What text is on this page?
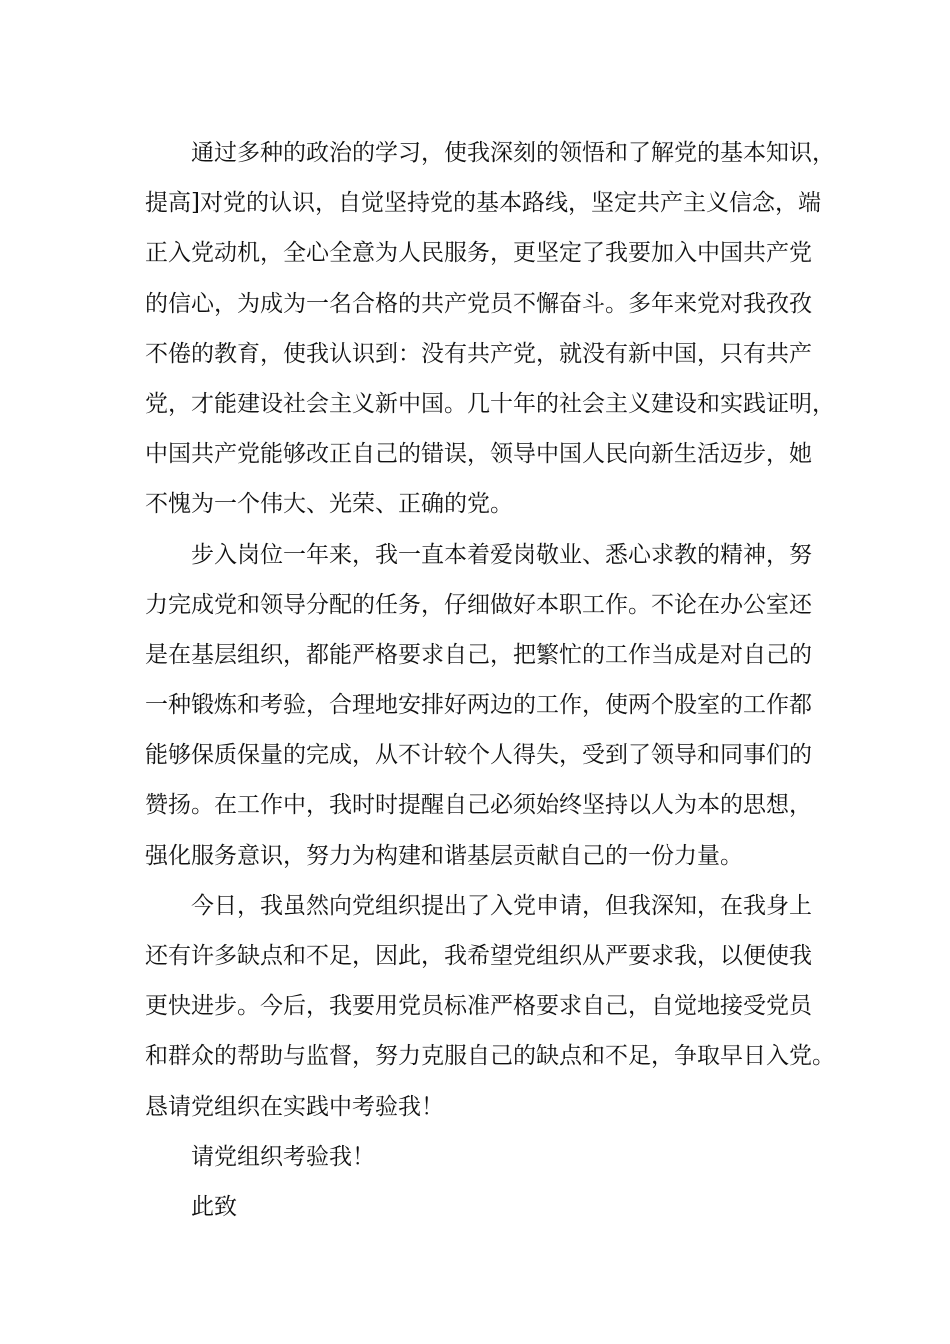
通过多种的政治的学习，使我深刻的领悟和了解党的基本知识，
提高]对党的认识，自觉坚持党的基本路线，坚定共产主义信念，端
正入党动机，全心全意为人民服务，更坚定了我要加入中国共产党
的信心，为成为一名合格的共产党员不懈奋斗。多年来党对我孜孜
不倦的教育，使我认识到：没有共产党，就没有新中国，只有共产
党，才能建设社会主义新中国。几十年的社会主义建设和实践证明，
中国共产党能够改正自己的错误，领导中国人民向新生活迈步，她
不愧为一个伟大、光荣、正确的党。
步入岗位一年来，我一直本着爱岗敬业、悉心求教的精神，努
力完成党和领导分配的任务，仔细做好本职工作。不论在办公室还
是在基层组织，都能严格要求自己，把繁忙的工作当成是对自己的
一种锻炼和考验，合理地安排好两边的工作，使两个股室的工作都
能够保质保量的完成，从不计较个人得失，受到了领导和同事们的
赞扬。在工作中，我时时提醒自己必须始终坚持以人为本的思想，
强化服务意识，努力为构建和谐基层贡献自己的一份力量。
今日，我虽然向党组织提出了入党申请，但我深知，在我身上
还有许多缺点和不足，因此，我希望党组织从严要求我，以便使我
更快进步。今后，我要用党员标准严格要求自己，自觉地接受党员
和群众的帮助与监督，努力克服自己的缺点和不足，争取早日入党。
恳请党组织在实践中考验我！
请党组织考验我！
此致
